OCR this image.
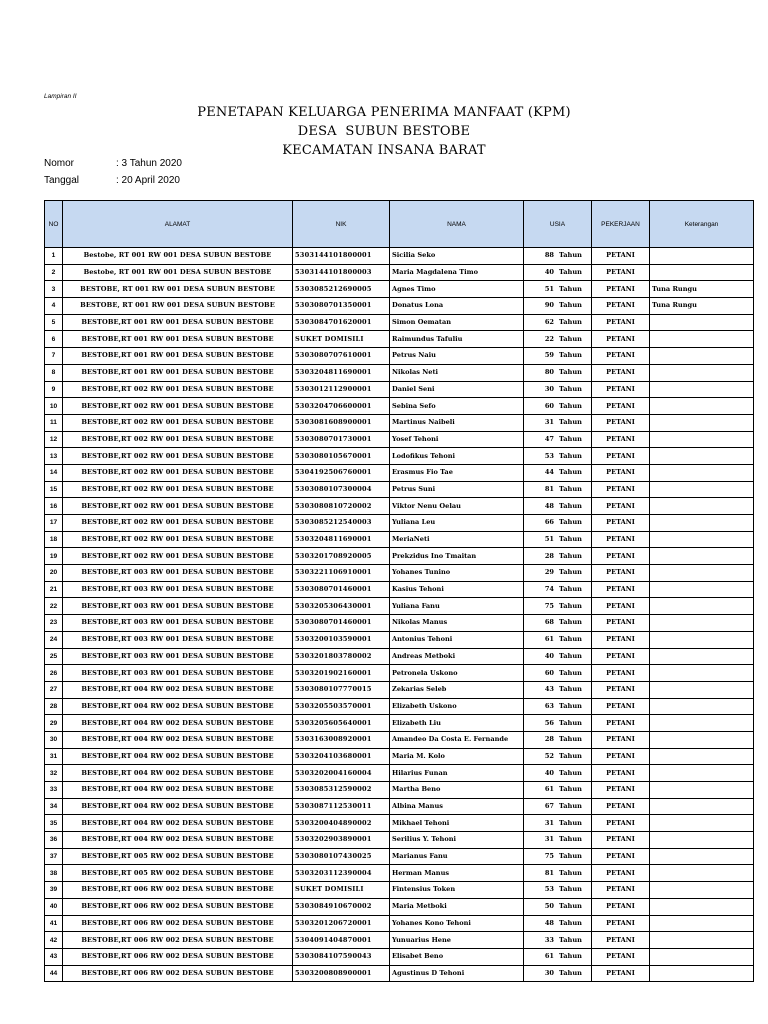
Lampiran II
PENETAPAN KELUARGA PENERIMA MANFAAT (KPM)
DESA  SUBUN BESTOBE
KECAMATAN INSANA BARAT
Nomor	: 3 Tahun 2020
Tanggal	: 20 April 2020
NO	ALAMAT	NIK	NAMA	USIA	PEKERJAAN	Keterangan
1	Bestobe, RT 001 RW 001 DESA SUBUN BESTOBE	5303144101800001	Sicilia Seko	88 Tahun	PETANI	
2	Bestobe, RT 001 RW 001 DESA SUBUN BESTOBE	5303144101800003	Maria Magdalena Timo	40 Tahun	PETANI	
3	BESTOBE, RT 001 RW 001 DESA SUBUN BESTOBE	5303085212690005	Agnes Timo	51 Tahun	PETANI	Tuna Rungu
4	BESTOBE, RT 001 RW 001 DESA SUBUN BESTOBE	5303080701350001	Donatus Lona	90 Tahun	PETANI	Tuna Rungu
5	BESTOBE,RT 001 RW 001 DESA SUBUN BESTOBE	5303084701620001	Simon Oematan	62 Tahun	PETANI	
6	BESTOBE,RT 001 RW 001 DESA SUBUN BESTOBE	SUKET DOMISILI	Raimundus Tafuliu	22 Tahun	PETANI	
7	BESTOBE,RT 001 RW 001 DESA SUBUN BESTOBE	5303080707610001	Petrus Naiu	59 Tahun	PETANI	
8	BESTOBE,RT 001 RW 001 DESA SUBUN BESTOBE	5303204811690001	Nikolas Neti	80 Tahun	PETANI	
9	BESTOBE,RT 002 RW 001 DESA SUBUN BESTOBE	5303012112900001	Daniel Seni	30 Tahun	PETANI	
10	BESTOBE,RT 002 RW 001 DESA SUBUN BESTOBE	5303204706600001	Sebina Sefo	60 Tahun	PETANI	
11	BESTOBE,RT 002 RW 001 DESA SUBUN BESTOBE	5303081608900001	Martinus Naibeli	31 Tahun	PETANI	
12	BESTOBE,RT 002 RW 001 DESA SUBUN BESTOBE	5303080701730001	Yosef Tehoni	47 Tahun	PETANI	
13	BESTOBE,RT 002 RW 001 DESA SUBUN BESTOBE	5303080105670001	Lodofikus Tehoni	53 Tahun	PETANI	
14	BESTOBE,RT 002 RW 001 DESA SUBUN BESTOBE	5304192506760001	Erasmus Fio Tae	44 Tahun	PETANI	
15	BESTOBE,RT 002 RW 001 DESA SUBUN BESTOBE	5303080107300004	Petrus Suni	81 Tahun	PETANI	
16	BESTOBE,RT 002 RW 001 DESA SUBUN BESTOBE	5303080810720002	Viktor Nenu Oelau	48 Tahun	PETANI	
17	BESTOBE,RT 002 RW 001 DESA SUBUN BESTOBE	5303085212540003	Yuliana Leu	66 Tahun	PETANI	
18	BESTOBE,RT 002 RW 001 DESA SUBUN BESTOBE	5303204811690001	MeriaNeti	51 Tahun	PETANI	
19	BESTOBE,RT 002 RW 001 DESA SUBUN BESTOBE	5303201708920005	Prekzidus Ino Tmaitan	28 Tahun	PETANI	
20	BESTOBE,RT 003 RW 001 DESA SUBUN BESTOBE	5303221106910001	Yohanes Tunino	29 Tahun	PETANI	
21	BESTOBE,RT 003 RW 001 DESA SUBUN BESTOBE	5303080701460001	Kasius Tehoni	74 Tahun	PETANI	
22	BESTOBE,RT 003 RW 001 DESA SUBUN BESTOBE	5303205306430001	Yuliana Fanu	75 Tahun	PETANI	
23	BESTOBE,RT 003 RW 001 DESA SUBUN BESTOBE	5303080701460001	Nikolas Manus	68 Tahun	PETANI	
24	BESTOBE,RT 003 RW 001 DESA SUBUN BESTOBE	5303200103590001	Antonius Tehoni	61 Tahun	PETANI	
25	BESTOBE,RT 003 RW 001 DESA SUBUN BESTOBE	5303201803780002	Andreas Metboki	40 Tahun	PETANI	
26	BESTOBE,RT 003 RW 001 DESA SUBUN BESTOBE	5303201902160001	Petronela Uskono	60 Tahun	PETANI	
27	BESTOBE,RT 004 RW 002 DESA SUBUN BESTOBE	5303080107770015	Zekarias Seleb	43 Tahun	PETANI	
28	BESTOBE,RT 004 RW 002 DESA SUBUN BESTOBE	5303205503570001	Elizabeth Uskono	63 Tahun	PETANI	
29	BESTOBE,RT 004 RW 002 DESA SUBUN BESTOBE	5303205605640001	Elizabeth Liu	56 Tahun	PETANI	
30	BESTOBE,RT 004 RW 002 DESA SUBUN BESTOBE	5303163008920001	Amandeo Da Costa E. Fernande	28 Tahun	PETANI	
31	BESTOBE,RT 004 RW 002 DESA SUBUN BESTOBE	5303204103680001	Maria M. Kolo	52 Tahun	PETANI	
32	BESTOBE,RT 004 RW 002 DESA SUBUN BESTOBE	5303202004160004	Hilarius Funan	40 Tahun	PETANI	
33	BESTOBE,RT 004 RW 002 DESA SUBUN BESTOBE	5303085312590002	Martha Beno	61 Tahun	PETANI	
34	BESTOBE,RT 004 RW 002 DESA SUBUN BESTOBE	5303087112530011	Albina Manus	67 Tahun	PETANI	
35	BESTOBE,RT 004 RW 002 DESA SUBUN BESTOBE	5303200404890002	Mikhael Tehoni	31 Tahun	PETANI	
36	BESTOBE,RT 004 RW 002 DESA SUBUN BESTOBE	5303202903890001	Serilius Y. Tehoni	31 Tahun	PETANI	
37	BESTOBE,RT 005 RW 002 DESA SUBUN BESTOBE	5303080107430025	Marianus Fanu	75 Tahun	PETANI	
38	BESTOBE,RT 005 RW 002 DESA SUBUN BESTOBE	5303203112390004	Herman Manus	81 Tahun	PETANI	
39	BESTOBE,RT 006 RW 002 DESA SUBUN BESTOBE	SUKET DOMISILI	Fintensius Token	53 Tahun	PETANI	
40	BESTOBE,RT 006 RW 002 DESA SUBUN BESTOBE	5303084910670002	Maria Metboki	50 Tahun	PETANI	
41	BESTOBE,RT 006 RW 002 DESA SUBUN BESTOBE	5303201206720001	Yohanes Kono Tehoni	48 Tahun	PETANI	
42	BESTOBE,RT 006 RW 002 DESA SUBUN BESTOBE	5304091404870001	Yunuarius Hene	33 Tahun	PETANI	
43	BESTOBE,RT 006 RW 002 DESA SUBUN BESTOBE	5303084107590043	Elisabet Beno	61 Tahun	PETANI	
44	BESTOBE,RT 006 RW 002 DESA SUBUN BESTOBE	5303200808900001	Agustinus D Tehoni	30 Tahun	PETANI	
